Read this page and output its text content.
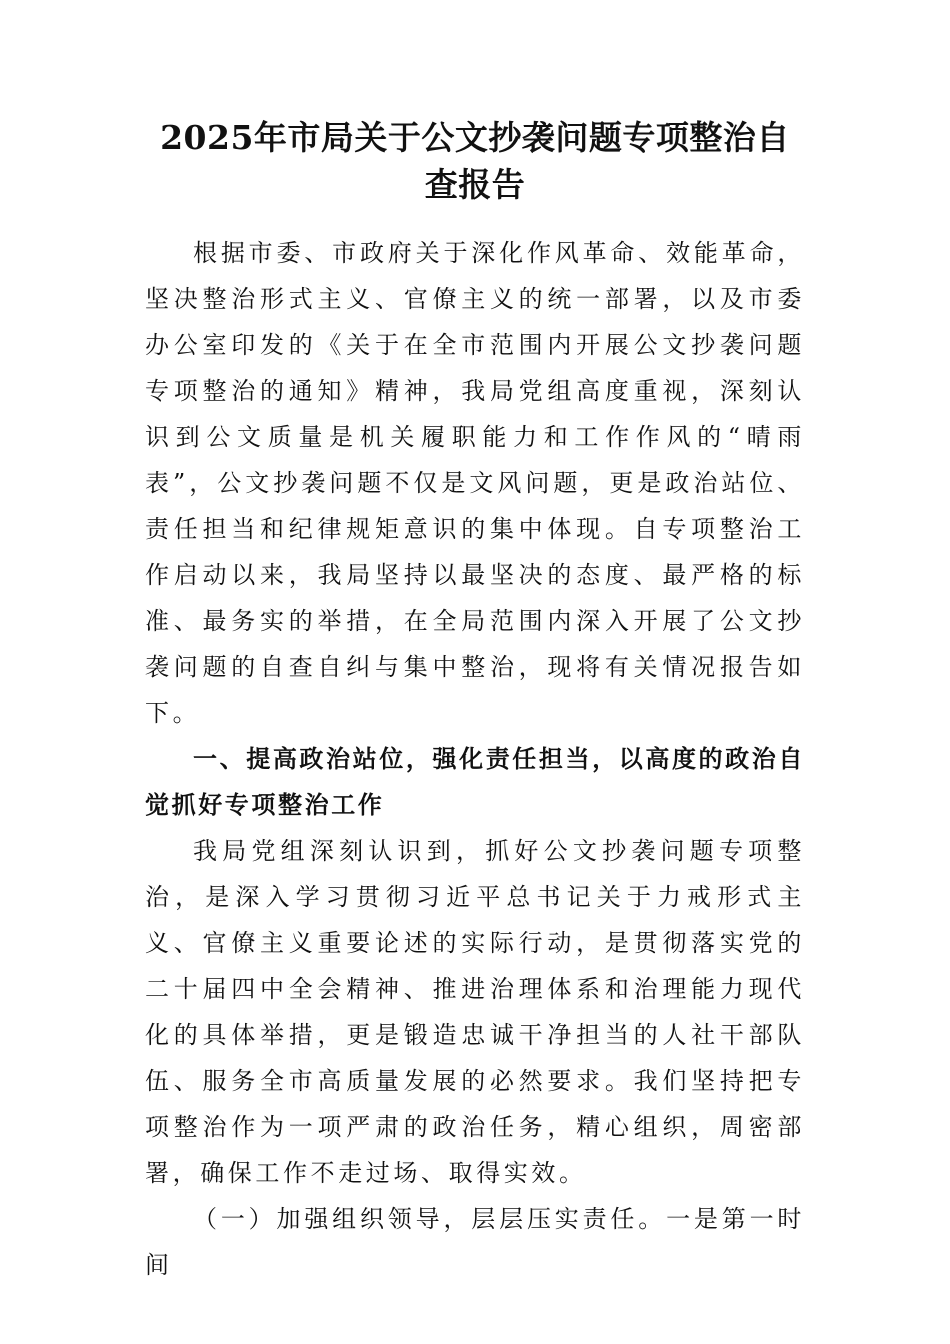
2025年市局关于公文抄袭问题专项整治自查报告

根据市委、市政府关于深化作风革命、效能革命，坚决整治形式主义、官僚主义的统一部署，以及市委办公室印发的《关于在全市范围内开展公文抄袭问题专项整治的通知》精神，我局党组高度重视，深刻认识到公文质量是机关履职能力和工作作风的“晴雨表”，公文抄袭问题不仅是文风问题，更是政治站位、责任担当和纪律规矩意识的集中体现。自专项整治工作启动以来，我局坚持以最坚决的态度、最严格的标准、最务实的举措，在全局范围内深入开展了公文抄袭问题的自查自纠与集中整治，现将有关情况报告如下。

一、提高政治站位，强化责任担当，以高度的政治自觉抓好专项整治工作

我局党组深刻认识到，抓好公文抄袭问题专项整治，是深入学习贯彻习近平总书记关于力戒形式主义、官僚主义重要论述的实际行动，是贯彻落实党的二十届四中全会精神、推进治理体系和治理能力现代化的具体举措，更是锻造忠诚干净担当的人社干部队伍、服务全市高质量发展的必然要求。我们坚持把专项整治作为一项严肃的政治任务，精心组织，周密部署，确保工作不走过场、取得实效。

（一）加强组织领导，层层压实责任。一是第一时间
